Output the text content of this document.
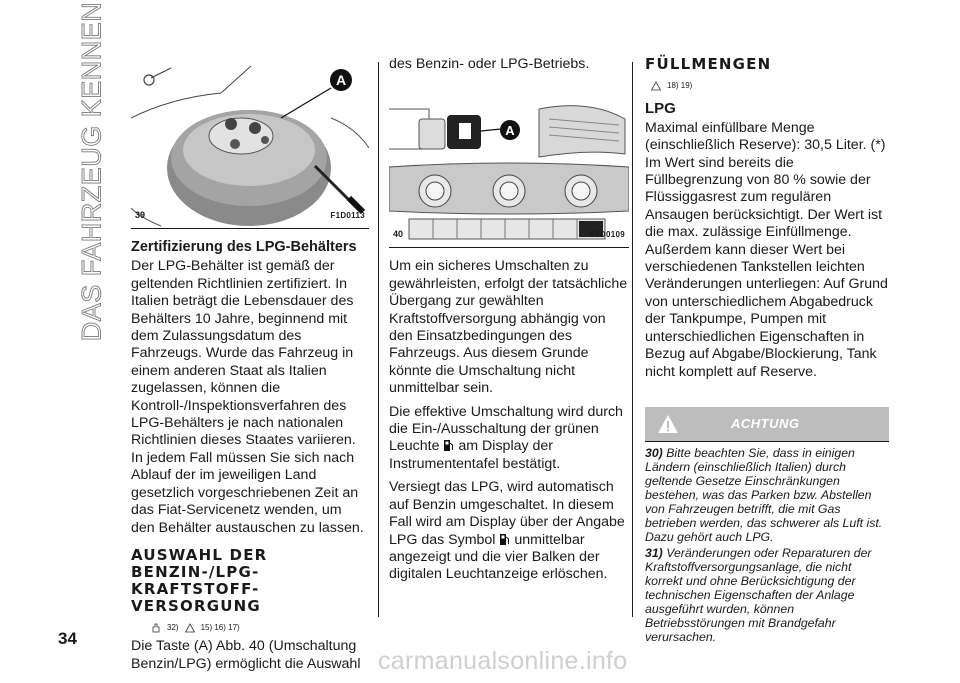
DAS FAHRZEUG KENNEN
34
A
39	F1D0113
Zertifizierung des LPG-Behälters

Der LPG-Behälter ist gemäß der geltenden Richtlinien zertifiziert. In Italien beträgt die Lebensdauer des Behälters 10 Jahre, beginnend mit dem Zulassungsdatum des Fahrzeugs. Wurde das Fahrzeug in einem anderen Staat als Italien zugelassen, können die Kontroll-/Inspektionsverfahren des LPG-Behälters je nach nationalen Richtlinien dieses Staates variieren. In jedem Fall müssen Sie sich nach Ablauf der im jeweiligen Land gesetzlich vorgeschriebenen Zeit an das Fiat-Servicenetz wenden, um den Behälter austauschen zu lassen.

AUSWAHL DER BENZIN-/LPG-KRAFTSTOFF-VERSORGUNG
32)	15) 16) 17)

Die Taste (A) Abb. 40 (Umschaltung Benzin/LPG) ermöglicht die Auswahl

des Benzin- oder LPG-Betriebs.

A
40	F1D0109

Um ein sicheres Umschalten zu gewährleisten, erfolgt der tatsächliche Übergang zur gewählten Kraftstoffversorgung abhängig von den Einsatzbedingungen des Fahrzeugs. Aus diesem Grunde könnte die Umschaltung nicht unmittelbar sein.

Die effektive Umschaltung wird durch die Ein-/Ausschaltung der grünen Leuchte am Display der Instrumententafel bestätigt.

Versiegt das LPG, wird automatisch auf Benzin umgeschaltet. In diesem Fall wird am Display über der Angabe LPG das Symbol unmittelbar angezeigt und die vier Balken der digitalen Leuchtanzeige erlöschen.

FÜLLMENGEN
18) 19)
LPG

Maximal einfüllbare Menge (einschließlich Reserve): 30,5 Liter. (*) Im Wert sind bereits die Füllbegrenzung von 80 % sowie der Flüssiggasrest zum regulären Ansaugen berücksichtigt. Der Wert ist die max. zulässige Einfüllmenge. Außerdem kann dieser Wert bei verschiedenen Tankstellen leichten Veränderungen unterliegen: Auf Grund von unterschiedlichem Abgabedruck der Tankpumpe, Pumpen mit unterschiedlichen Eigenschaften in Bezug auf Abgabe/Blockierung, Tank nicht komplett auf Reserve.

ACHTUNG

30) Bitte beachten Sie, dass in einigen Ländern (einschließlich Italien) durch geltende Gesetze Einschränkungen bestehen, was das Parken bzw. Abstellen von Fahrzeugen betrifft, die mit Gas betrieben werden, das schwerer als Luft ist. Dazu gehört auch LPG.

31) Veränderungen oder Reparaturen der Kraftstoffversorgungsanlage, die nicht korrekt und ohne Berücksichtigung der technischen Eigenschaften der Anlage ausgeführt wurden, können Betriebsstörungen mit Brandgefahr verursachen.

carmanualsonline.info
